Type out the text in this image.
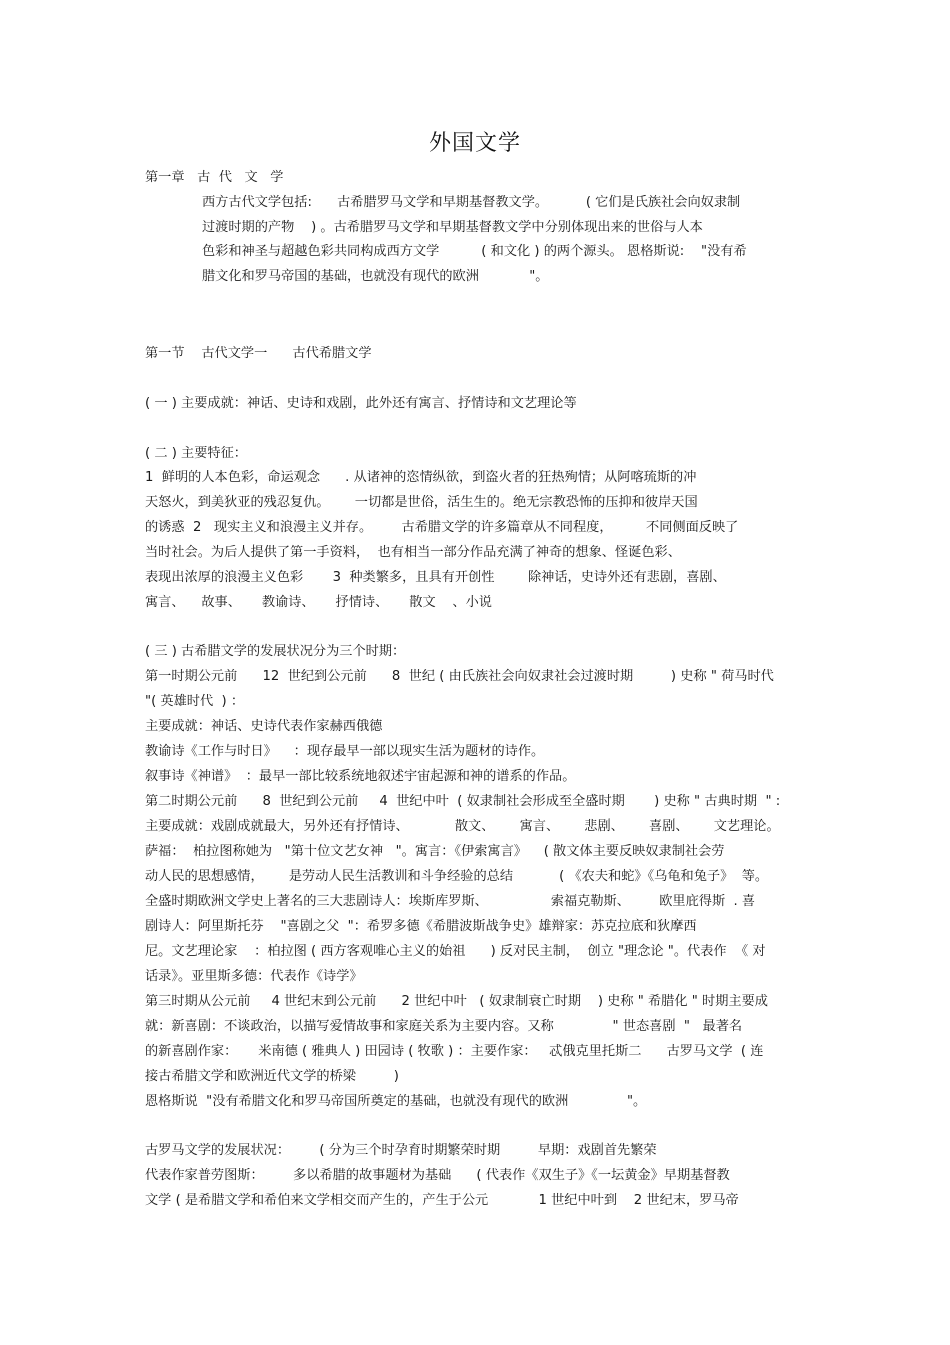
外国文学
第一章   古  代   文   学
西方古代文学包括:      古希腊罗马文学和早期基督教文学。         ( 它们是氏族社会向奴隶制
过渡时期的产物    ) 。古希腊罗马文学和早期基督教文学中分别体现出来的世俗与人本
色彩和神圣与超越色彩共同构成西方文学          ( 和文化 ) 的两个源头。 恩格斯说:    "没有希
腊文化和罗马帝国的基础，也就没有现代的欧洲            "。
第一节    古代文学一      古代希腊文学
( 一 ) 主要成就：神话、史诗和戏剧，此外还有寓言、抒情诗和文艺理论等
( 二 ) 主要特征：
1  鲜明的人本色彩，命运观念      . 从诸神的恣情纵欲，到盗火者的狂热殉情；从阿喀琉斯的冲
天怒火，到美狄亚的残忍复仇。      一切都是世俗，活生生的。绝无宗教恐怖的压抑和彼岸天国
的诱惑  2   现实主义和浪漫主义并存。       古希腊文学的许多篇章从不同程度，        不同侧面反映了
当时社会。为后人提供了第一手资料，  也有相当一部分作品充满了神奇的想象、怪诞色彩、
表现出浓厚的浪漫主义色彩       3  种类繁多，且具有开创性        除神话，史诗外还有悲剧，喜剧、
寓言、    故事、     教谕诗、     抒情诗、     散文    、小说
( 三 ) 古希腊文学的发展状况分为三个时期：
第一时期公元前      12  世纪到公元前      8  世纪 ( 由氏族社会向奴隶社会过渡时期         ) 史称 " 荷马时代
"( 英雄时代  ) ：
主要成就：神话、史诗代表作家赫西俄德
教谕诗《工作与时日》    ：现存最早一部以现实生活为题材的诗作。
叙事诗《神谱》  ：最早一部比较系统地叙述宇宙起源和神的谱系的作品。
第二时期公元前      8  世纪到公元前     4  世纪中叶  ( 奴隶制社会形成至全盛时期       ) 史称 " 古典时期  " :
主要成就：戏剧成就最大，另外还有抒情诗、           散文、      寓言、      悲剧、      喜剧、      文艺理论。
萨福：  柏拉图称她为   "第十位文艺女神   "。寓言：《伊索寓言》    ( 散文体主要反映奴隶制社会劳
动人民的思想感情，      是劳动人民生活教训和斗争经验的总结           ( 《农夫和蛇》《乌龟和兔子》  等。
全盛时期欧洲文学史上著名的三大悲剧诗人：埃斯库罗斯、               索福克勒斯、       欧里庇得斯  . 喜
剧诗人：阿里斯托芬    "喜剧之父  "：希罗多德《希腊波斯战争史》雄辩家：苏克拉底和狄摩西
尼。文艺理论家    ：柏拉图 ( 西方客观唯心主义的始祖      ) 反对民主制，  创立 "理念论 "。代表作  《 对
话录》。亚里斯多德：代表作《诗学》
第三时期从公元前     4 世纪末到公元前      2 世纪中叶   ( 奴隶制衰亡时期    ) 史称 " 希腊化 " 时期主要成
就：新喜剧：不谈政治，以描写爱情故事和家庭关系为主要内容。又称              " 世态喜剧  "   最著名
的新喜剧作家：     米南德 ( 雅典人 ) 田园诗 ( 牧歌 ) ：主要作家：   忒俄克里托斯二      古罗马文学  ( 连
接古希腊文学和欧洲近代文学的桥梁         )
恩格斯说  "没有希腊文化和罗马帝国所奠定的基础，也就没有现代的欧洲              "。
古罗马文学的发展状况：       ( 分为三个时孕育时期繁荣时期         早期：戏剧首先繁荣
代表作家普劳图斯：       多以希腊的故事题材为基础      ( 代表作《双生子》《一坛黄金》早期基督教
文学 ( 是希腊文学和希伯来文学相交而产生的，产生于公元            1 世纪中叶到    2 世纪末，罗马帝
